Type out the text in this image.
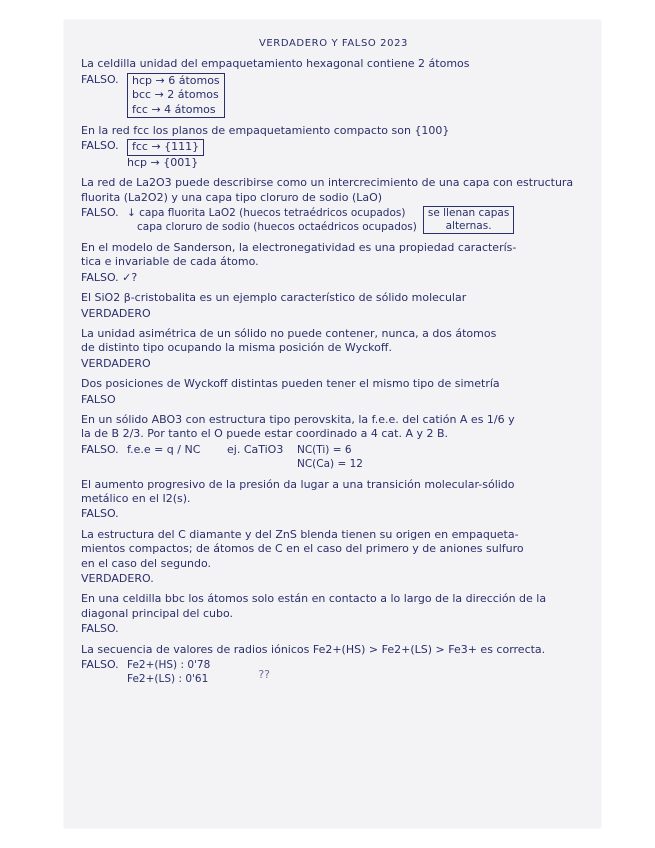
VERDADERO Y FALSO 2023
La celdilla unidad del empaquetamiento hexagonal contiene 2 átomos
FALSO.	hcp → 6 átomos
bcc → 2 átomos
fcc → 4 átomos
En la red fcc los planos de empaquetamiento compacto son {100}
FALSO.	fcc → {111}
hcp → {001}
La red de La2O3 puede describirse como un intercrecimiento de una capa con estructura
fluorita (La2O2) y una capa tipo cloruro de sodio (LaO)
FALSO. ↓ capa fluorita LaO2 (huecos tetraédricos ocupados)
capa cloruro de sodio (huecos octaédricos ocupados)
se llenan capas
alternas.
En el modelo de Sanderson, la electronegatividad es una propiedad caracterís-
tica e invariable de cada átomo.
FALSO. ✓?
El SiO2 β-cristobalita es un ejemplo característico de sólido molecular
VERDADERO
La unidad asimétrica de un sólido no puede contener, nunca, a dos átomos
de distinto tipo ocupando la misma posición de Wyckoff.
VERDADERO
Dos posiciones de Wyckoff distintas pueden tener el mismo tipo de simetría
FALSO
En un sólido ABO3 con estructura tipo perovskita, la f.e.e. del catión A es 1/6 y
la de B 2/3. Por tanto el O puede estar coordinado a 4 cat. A y 2 B.
FALSO. f.e.e = q / NC	ej. CaTiO3	NC(Ti) = 6
NC(Ca) = 12
El aumento progresivo de la presión da lugar a una transición molecular-sólido
metálico en el I2(s).
FALSO.
La estructura del C diamante y del ZnS blenda tienen su origen en empaqueta-
mientos compactos; de átomos de C en el caso del primero y de aniones sulfuro
en el caso del segundo.
VERDADERO.
En una celdilla bbc los átomos solo están en contacto a lo largo de la dirección de la
diagonal principal del cubo.
FALSO.
La secuencia de valores de radios iónicos Fe2+(HS) > Fe2+(LS) > Fe3+ es correcta.
FALSO. Fe2+(HS) : 0'78
Fe2+(LS) : 0'61	??
